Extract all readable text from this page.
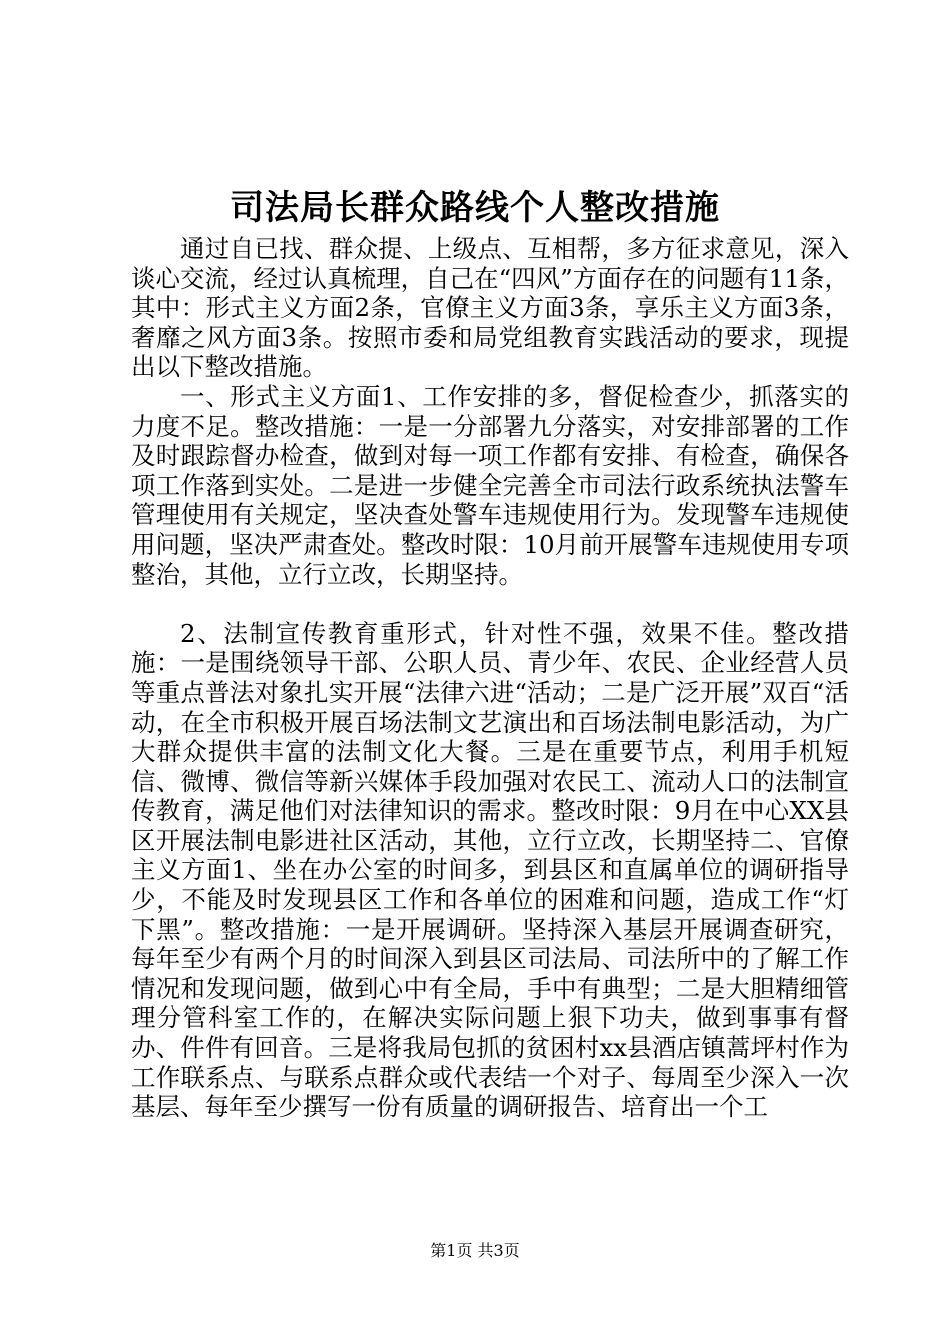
司法局长群众路线个人整改措施

通过自已找、群众提、上级点、互相帮，多方征求意见，深入谈心交流，经过认真梳理，自己在“四风”方面存在的问题有11条，其中：形式主义方面2条，官僚主义方面3条，享乐主义方面3条，奢靡之风方面3条。按照市委和局党组教育实践活动的要求，现提出以下整改措施。

一、形式主义方面1、工作安排的多，督促检查少，抓落实的力度不足。整改措施：一是一分部署九分落实，对安排部署的工作及时跟踪督办检查，做到对每一项工作都有安排、有检查，确保各项工作落到实处。二是进一步健全完善全市司法行政系统执法警车管理使用有关规定，坚决查处警车违规使用行为。发现警车违规使用问题，坚决严肃查处。整改时限：10月前开展警车违规使用专项整治，其他，立行立改，长期坚持。

2、法制宣传教育重形式，针对性不强，效果不佳。整改措施：一是围绕领导干部、公职人员、青少年、农民、企业经营人员等重点普法对象扎实开展“法律六进“活动；二是广泛开展”双百“活动，在全市积极开展百场法制文艺演出和百场法制电影活动，为广大群众提供丰富的法制文化大餐。三是在重要节点，利用手机短信、微博、微信等新兴媒体手段加强对农民工、流动人口的法制宣传教育，满足他们对法律知识的需求。整改时限：9月在中心XX县区开展法制电影进社区活动，其他，立行立改，长期坚持二、官僚主义方面1、坐在办公室的时间多，到县区和直属单位的调研指导少，不能及时发现县区工作和各单位的困难和问题，造成工作“灯下黑”。整改措施：一是开展调研。坚持深入基层开展调查研究，每年至少有两个月的时间深入到县区司法局、司法所中的了解工作情况和发现问题，做到心中有全局，手中有典型；二是大胆精细管理分管科室工作的，在解决实际问题上狠下功夫，做到事事有督办、件件有回音。三是将我局包抓的贫困村xx县酒店镇蒿坪村作为工作联系点、与联系点群众或代表结一个对子、每周至少深入一次基层、每年至少撰写一份有质量的调研报告、培育出一个工

第1页 共3页
